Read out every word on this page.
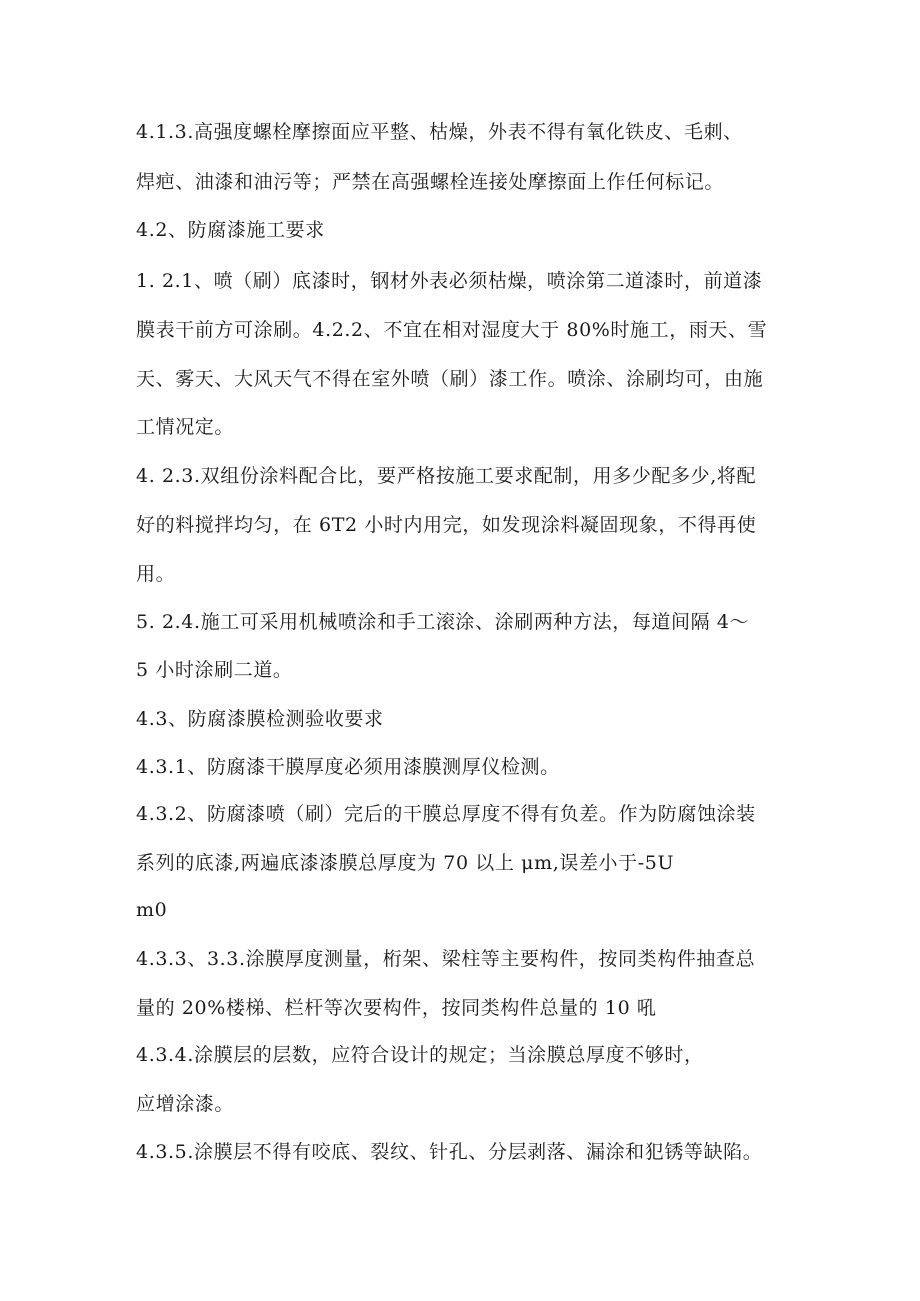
4.1.3.高强度螺栓摩擦面应平整、枯燥，外表不得有氧化铁皮、毛刺、
焊疤、油漆和油污等；严禁在高强螺栓连接处摩擦面上作任何标记。
4.2、防腐漆施工要求
1. 2.1、喷（刷）底漆时，钢材外表必须枯燥，喷涂第二道漆时，前道漆
膜表干前方可涂刷。4.2.2、不宜在相对湿度大于 80%时施工，雨天、雪
天、雾天、大风天气不得在室外喷（刷）漆工作。喷涂、涂刷均可，由施
工情况定。
4. 2.3.双组份涂料配合比，要严格按施工要求配制，用多少配多少,将配
好的料搅拌均匀，在 6T2 小时内用完，如发现涂料凝固现象，不得再使
用。
5. 2.4.施工可采用机械喷涂和手工滚涂、涂刷两种方法，每道间隔 4～
5 小时涂刷二道。
4.3、防腐漆膜检测验收要求
4.3.1、防腐漆干膜厚度必须用漆膜测厚仪检测。
4.3.2、防腐漆喷（刷）完后的干膜总厚度不得有负差。作为防腐蚀涂装
系列的底漆,两遍底漆漆膜总厚度为 70 以上 μm,误差小于-5U
m0
4.3.3、3.3.涂膜厚度测量，桁架、梁柱等主要构件，按同类构件抽查总
量的 20%楼梯、栏杆等次要构件，按同类构件总量的 10 吼
4.3.4.涂膜层的层数，应符合设计的规定；当涂膜总厚度不够时，
应增涂漆。
4.3.5.涂膜层不得有咬底、裂纹、针孔、分层剥落、漏涂和犯锈等缺陷。
